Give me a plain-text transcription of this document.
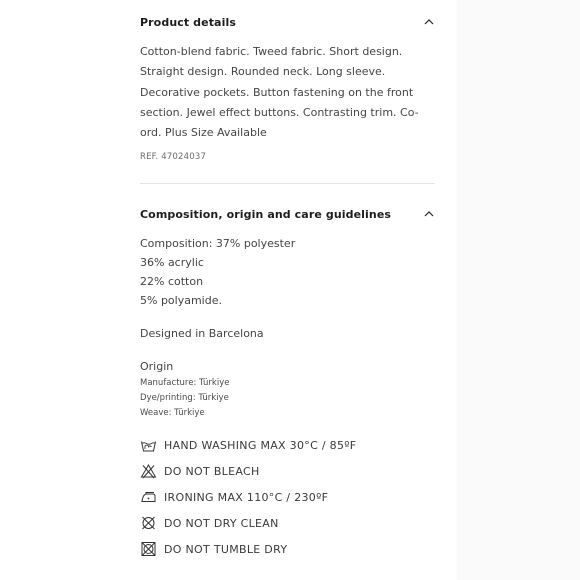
Product details

Cotton-blend fabric. Tweed fabric. Short design. Straight design. Rounded neck. Long sleeve. Decorative pockets. Button fastening on the front section. Jewel effect buttons. Contrasting trim. Co-ord. Plus Size Available

REF. 47024037
Composition, origin and care guidelines
Composition: 37% polyester
36% acrylic
22% cotton
5% polyamide.
Designed in Barcelona
Origin
Manufacture: Türkiye
Dye/printing: Türkiye
Weave: Türkiye
HAND WASHING MAX 30°C / 85ºF
DO NOT BLEACH
IRONING MAX 110°C / 230ºF
DO NOT DRY CLEAN
DO NOT TUMBLE DRY
